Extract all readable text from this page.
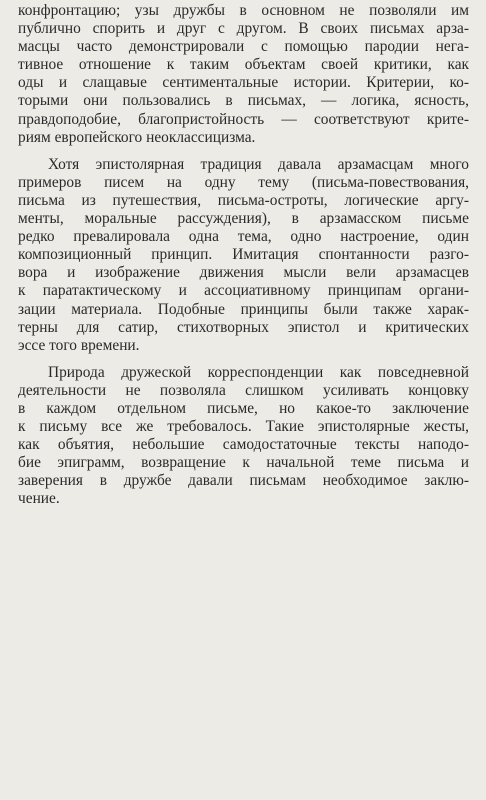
конфронтацию; узы дружбы в основном не позволяли им
публично спорить и друг с другом. В своих письмах арза-
масцы часто демонстрировали с помощью пародии нега-
тивное отношение к таким объектам своей критики, как
оды и слащавые сентиментальные истории. Критерии, ко-
торыми они пользовались в письмах, — логика, ясность,
правдоподобие, благопристойность — соответствуют крите-
риям европейского неоклассицизма.

Хотя эпистолярная традиция давала арзамасцам много
примеров писем на одну тему (письма-повествования,
письма из путешествия, письма-остроты, логические аргу-
менты, моральные рассуждения), в арзамасском письме
редко превалировала одна тема, одно настроение, один
композиционный принцип. Имитация спонтанности разго-
вора и изображение движения мысли вели арзамасцев
к паратактическому и ассоциативному принципам органи-
зации материала. Подобные принципы были также харак-
терны для сатир, стихотворных эпистол и критических
эссе того времени.

Природа дружеской корреспонденции как повседневной
деятельности не позволяла слишком усиливать концовку
в каждом отдельном письме, но какое-то заключение
к письму все же требовалось. Такие эпистолярные жесты,
как объятия, небольшие самодостаточные тексты наподо-
бие эпиграмм, возвращение к начальной теме письма и
заверения в дружбе давали письмам необходимое заклю-
чение.
